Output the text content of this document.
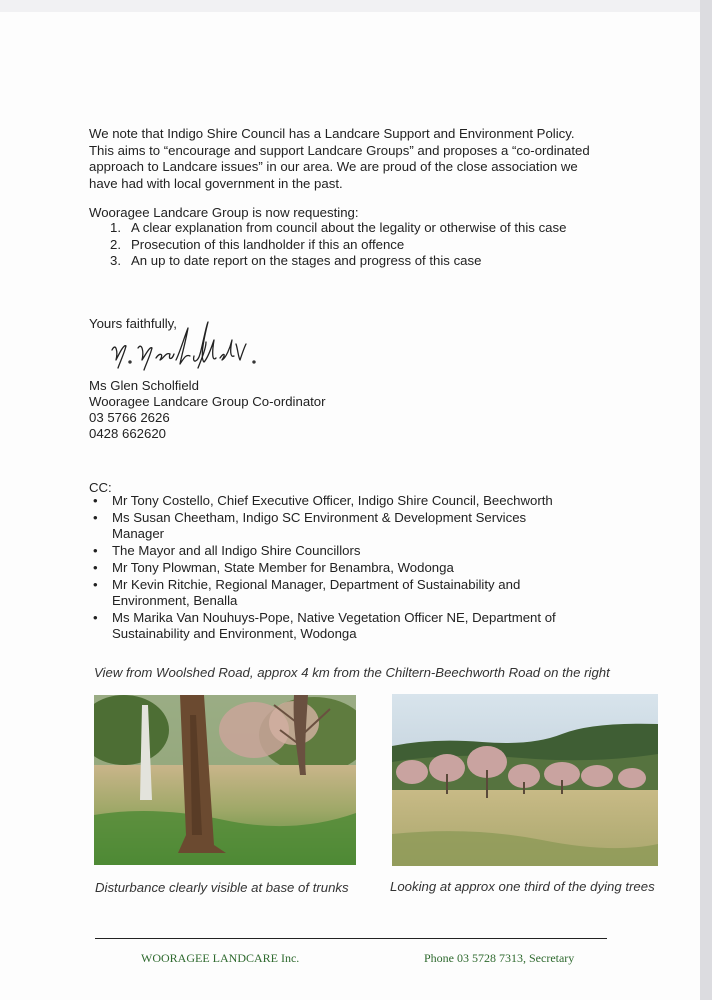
We note that Indigo Shire Council has a Landcare Support and Environment Policy. This aims to “encourage and support Landcare Groups” and proposes a “co-ordinated approach to Landcare issues” in our area. We are proud of the close association we have had with local government in the past.
Wooragee Landcare Group is now requesting:
1. A clear explanation from council about the legality or otherwise of this case
2. Prosecution of this landholder if this an offence
3. An up to date report on the stages and progress of this case
Yours faithfully,
Ms Glen Scholfield
Wooragee Landcare Group Co-ordinator
03 5766 2626
0428 662620
CC:
• Mr Tony Costello, Chief Executive Officer, Indigo Shire Council, Beechworth
• Ms Susan Cheetham, Indigo SC Environment & Development Services Manager
• The Mayor and all Indigo Shire Councillors
• Mr Tony Plowman, State Member for Benambra, Wodonga
• Mr Kevin Ritchie, Regional Manager, Department of Sustainability and Environment, Benalla
• Ms Marika Van Nouhuys-Pope, Native Vegetation Officer NE, Department of Sustainability and Environment, Wodonga
View from Woolshed Road, approx 4 km from the Chiltern-Beechworth Road on the right
Disturbance clearly visible at base of trunks	Looking at approx one third of the dying trees
WOORAGEE LANDCARE Inc.	Phone 03 5728 7313, Secretary
